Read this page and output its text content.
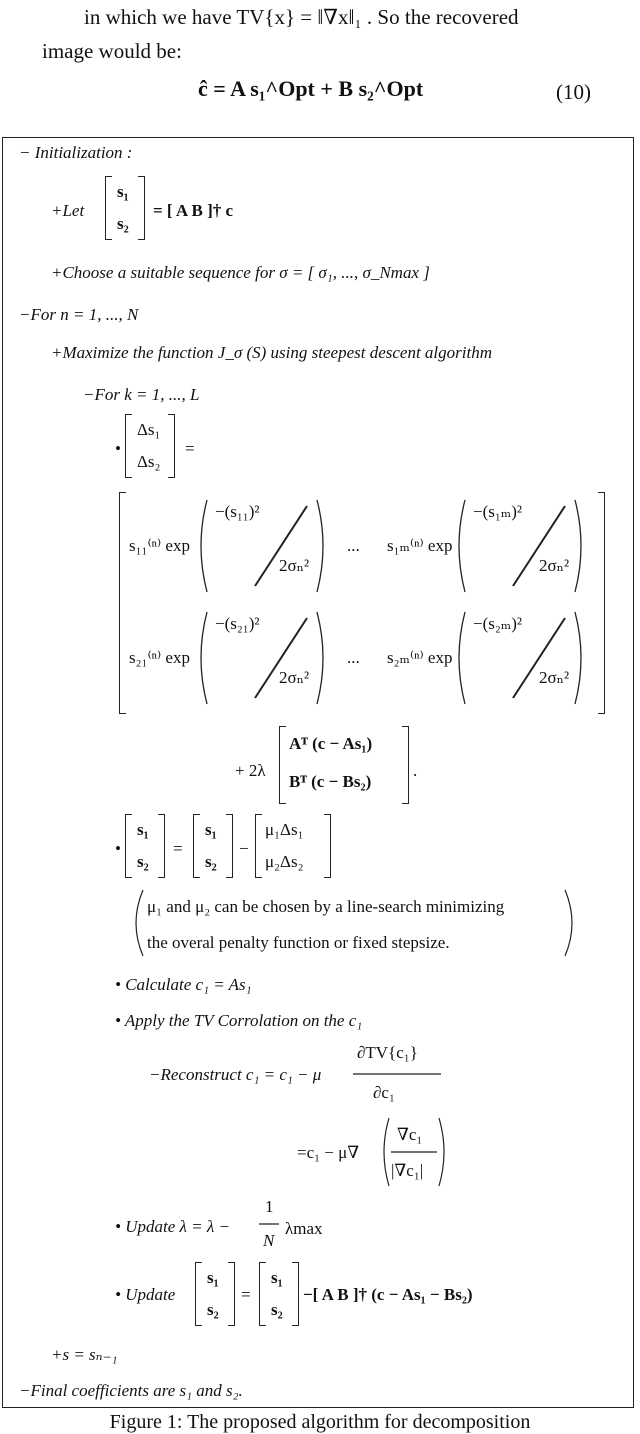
in which we have TV{x} = ‖∇x‖₁ . So the recovered
image would be:
ĉ = A s₁^Opt + B s₂^Opt	(10)
− Initialization :
+Let
s₁
s₂
= [ A B ]† c
+Choose a suitable sequence for σ = [ σ₁, ..., σ_Nmax ]
−For n = 1, ..., N
+Maximize the function J_σ (S) using steepest descent algorithm
−For k = 1, ..., L
•
Δs₁
Δs₂
=
s₁₁⁽ⁿ⁾ exp
−(s₁₁)²
2σₙ²
... s₁ₘ⁽ⁿ⁾ exp
−(s₁ₘ)²
2σₙ²
s₂₁⁽ⁿ⁾ exp
−(s₂₁)²
2σₙ²
... s₂ₘ⁽ⁿ⁾ exp
−(s₂ₘ)²
2σₙ²
+ 2λ
Aᵀ (c − As₁)
Bᵀ (c − Bs₂)
.
•
s₁
s₂
=
s₁
s₂
−
μ₁Δs₁
μ₂Δs₂
μ₁ and μ₂ can be chosen by a line-search minimizing
the overal penalty function or fixed stepsize.
• Calculate c₁ = As₁
• Apply the TV Corrolation on the c₁
−Reconstruct c₁ = c₁ − μ
∂TV{c₁}
∂c₁
=c₁ − μ∇
∇c₁
|∇c₁|
• Update λ = λ −
1
N
λmax
• Update
s₁
s₂
=
s₁
s₂
−[ A B ]† (c − As₁ − Bs₂)
+s = sₙ₋₁
−Final coefficients are s₁ and s₂.
Figure 1: The proposed algorithm for decomposition
